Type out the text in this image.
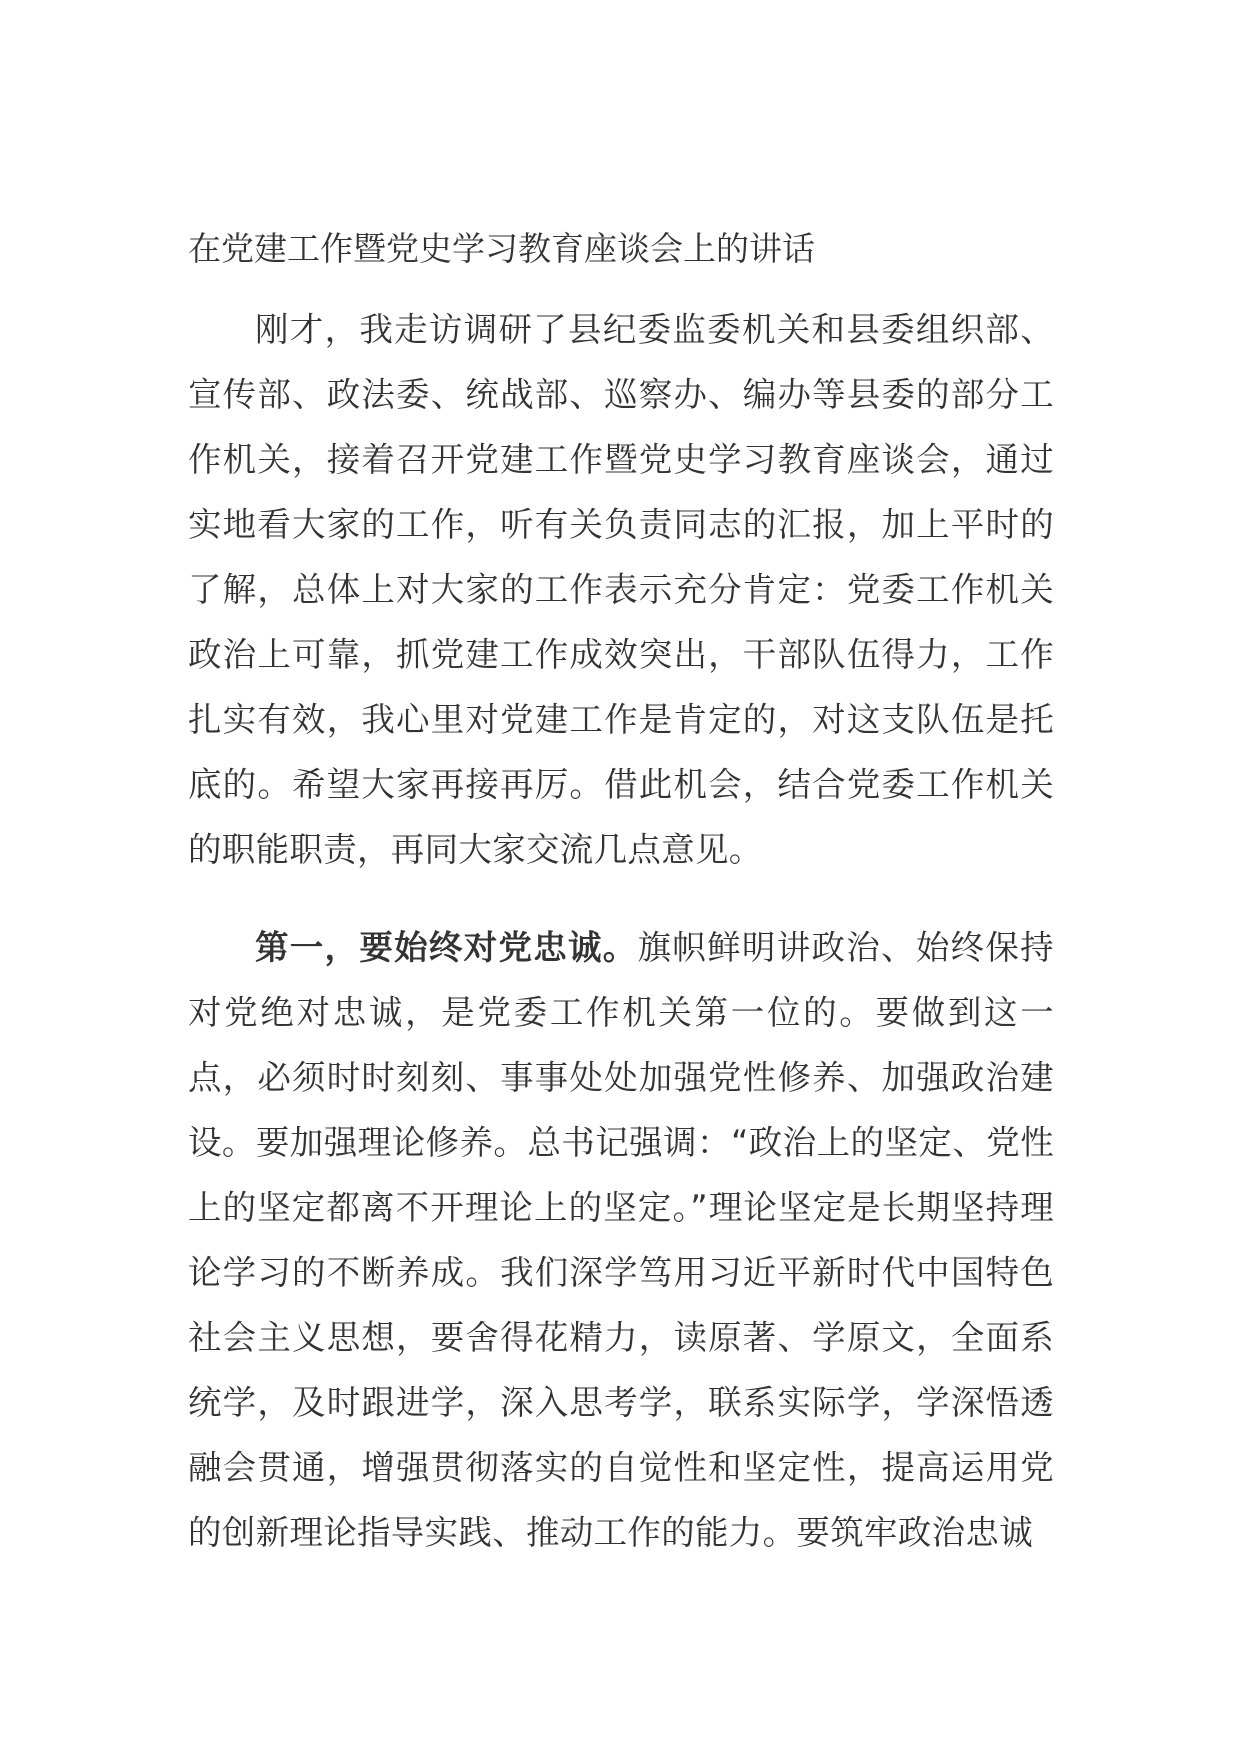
在党建工作暨党史学习教育座谈会上的讲话

刚才，我走访调研了县纪委监委机关和县委组织部、宣传部、政法委、统战部、巡察办、编办等县委的部分工作机关，接着召开党建工作暨党史学习教育座谈会，通过实地看大家的工作，听有关负责同志的汇报，加上平时的了解，总体上对大家的工作表示充分肯定：党委工作机关政治上可靠，抓党建工作成效突出，干部队伍得力，工作扎实有效，我心里对党建工作是肯定的，对这支队伍是托底的。希望大家再接再厉。借此机会，结合党委工作机关的职能职责，再同大家交流几点意见。

第一，要始终对党忠诚。旗帜鲜明讲政治、始终保持对党绝对忠诚，是党委工作机关第一位的。要做到这一点，必须时时刻刻、事事处处加强党性修养、加强政治建设。要加强理论修养。总书记强调：“政治上的坚定、党性上的坚定都离不开理论上的坚定。”理论坚定是长期坚持理论学习的不断养成。我们深学笃用习近平新时代中国特色社会主义思想，要舍得花精力，读原著、学原文，全面系统学，及时跟进学，深入思考学，联系实际学，学深悟透融会贯通，增强贯彻落实的自觉性和坚定性，提高运用党的创新理论指导实践、推动工作的能力。要筑牢政治忠诚
